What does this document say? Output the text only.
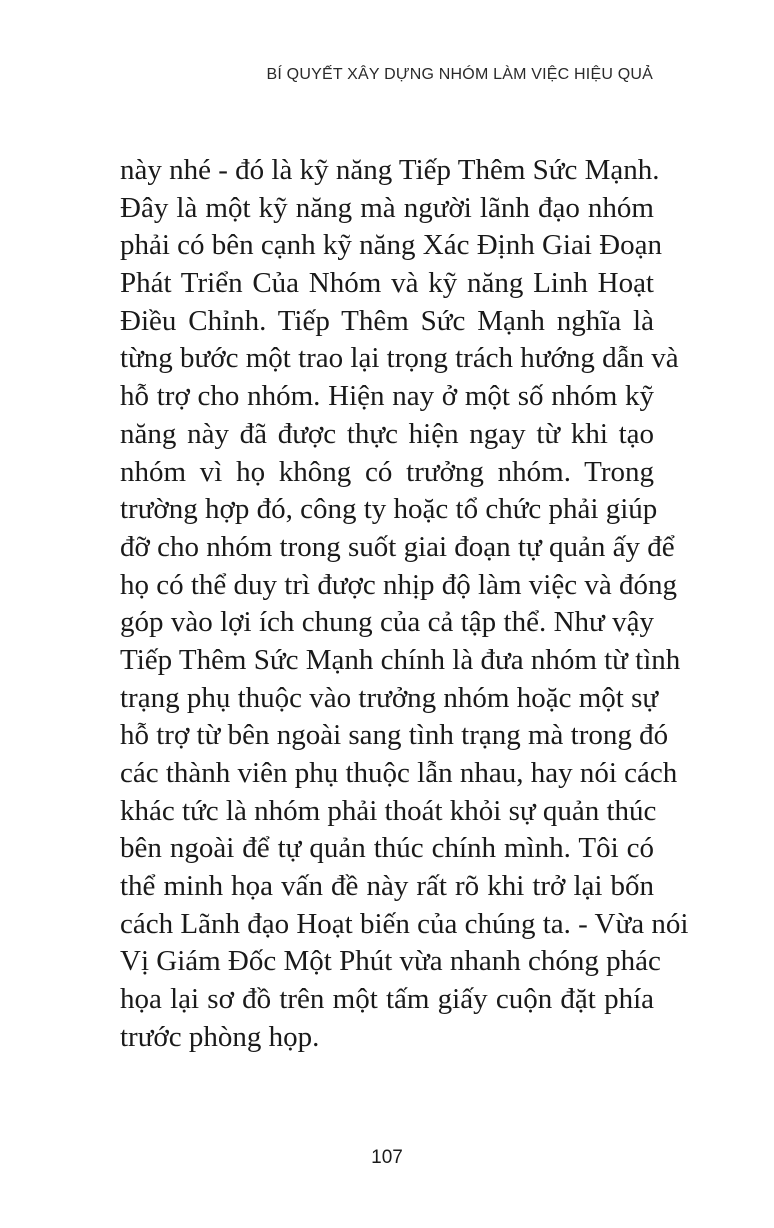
BÍ QUYẾT XÂY DỰNG NHÓM LÀM VIỆC HIỆU QUẢ
này nhé - đó là kỹ năng Tiếp Thêm Sức Mạnh.
Đây là một kỹ năng mà người lãnh đạo nhóm
phải có bên cạnh kỹ năng Xác Định Giai Đoạn
Phát Triển Của Nhóm và kỹ năng Linh Hoạt
Điều Chỉnh. Tiếp Thêm Sức Mạnh nghĩa là
từng bước một trao lại trọng trách hướng dẫn và
hỗ trợ cho nhóm. Hiện nay ở một số nhóm kỹ
năng này đã được thực hiện ngay từ khi tạo
nhóm vì họ không có trưởng nhóm. Trong
trường hợp đó, công ty hoặc tổ chức phải giúp
đỡ cho nhóm trong suốt giai đoạn tự quản ấy để
họ có thể duy trì được nhịp độ làm việc và đóng
góp vào lợi ích chung của cả tập thể. Như vậy
Tiếp Thêm Sức Mạnh chính là đưa nhóm từ tình
trạng phụ thuộc vào trưởng nhóm hoặc một sự
hỗ trợ từ bên ngoài sang tình trạng mà trong đó
các thành viên phụ thuộc lẫn nhau, hay nói cách
khác tức là nhóm phải thoát khỏi sự quản thúc
bên ngoài để tự quản thúc chính mình. Tôi có
thể minh họa vấn đề này rất rõ khi trở lại bốn
cách Lãnh đạo Hoạt biến của chúng ta. - Vừa nói
Vị Giám Đốc Một Phút vừa nhanh chóng phác
họa lại sơ đồ trên một tấm giấy cuộn đặt phía
trước phòng họp.
107
